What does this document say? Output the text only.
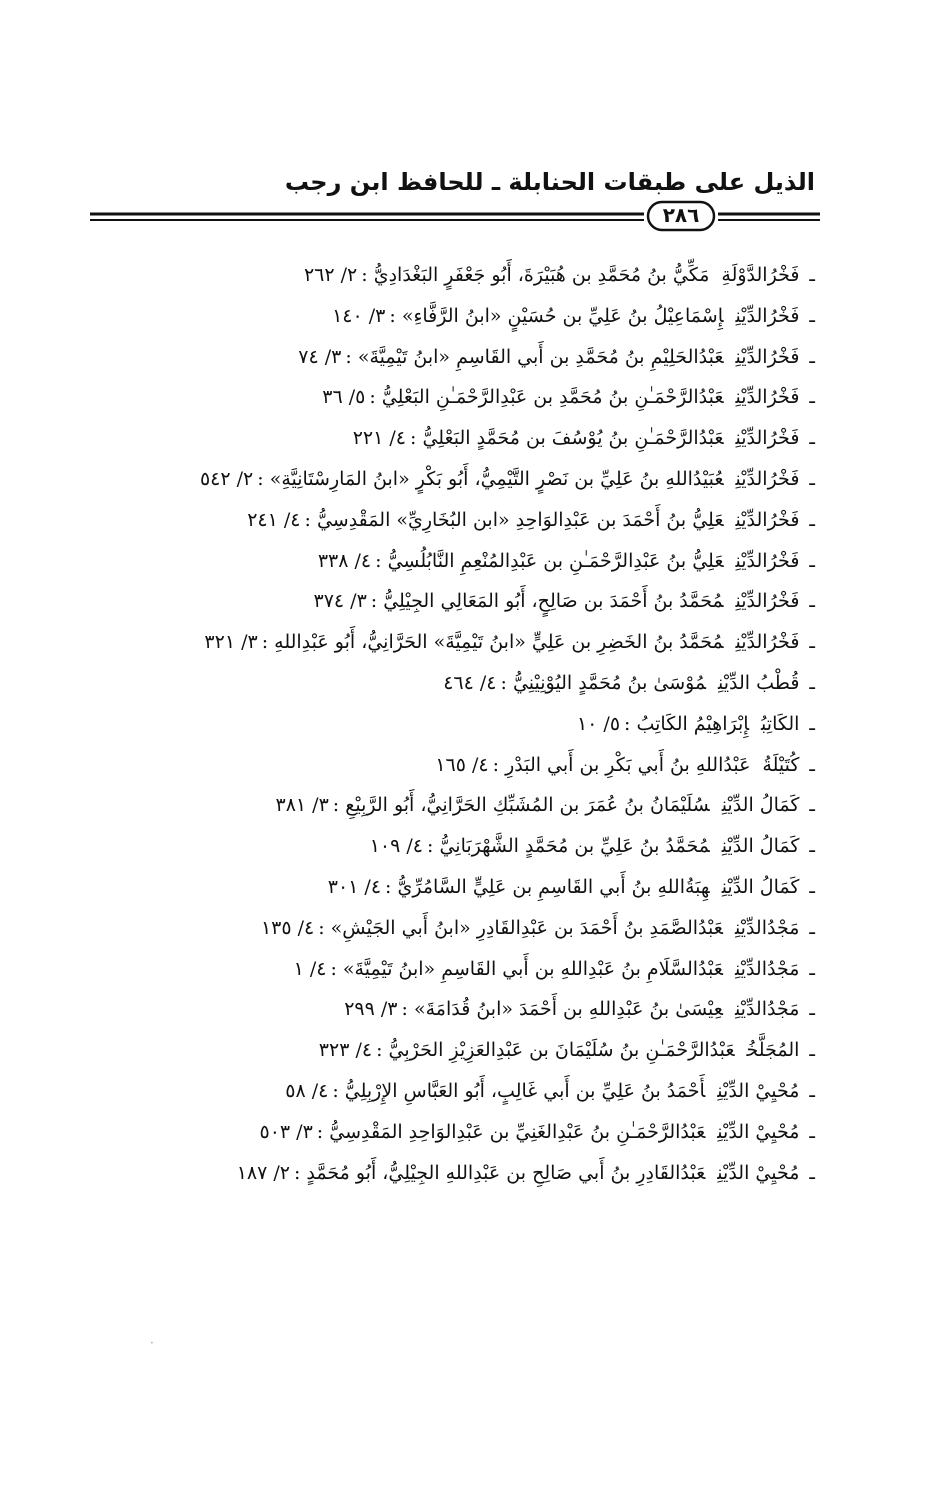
الذيل على طبقات الحنابلة ـ للحافظ ابن رجب
٢٨٦
ـفَخْرُالدَّوْلَةِمَكِّيُّ بنُ مُحَمَّدِ بن هُبَيْرَةَ، أَبُو جَعْفَرٍ البَغْدَادِيُّ :٢/ ٢٦٢
ـفَخْرُالدِّيْنِإِسْمَاعِيْلُ بنُ عَلِيِّ بن حُسَيْنٍ «ابنُ الرَّفَّاءِ» :٣/ ١٤٠
ـفَخْرُالدِّيْنِعَبْدُالحَلِيْمِ بنُ مُحَمَّدِ بن أَبي القَاسِمِ «ابنُ تَيْمِيَّةَ» :٣/ ٧٤
ـفَخْرُالدِّيْنِعَبْدُالرَّحْمَـٰنِ بنُ مُحَمَّدِ بن عَبْدِالرَّحْمَـٰنِ البَعْلِيُّ :٥/ ٣٦
ـفَخْرُالدِّيْنِعَبْدُالرَّحْمَـٰنِ بنُ يُوْسُفَ بن مُحَمَّدٍ البَعْلِيُّ :٤/ ٢٢١
ـفَخْرُالدِّيْنِعُبَيْدُاللهِ بنُ عَلِيِّ بن نَصْرٍ التَّيْمِيُّ، أَبُو بَكْرٍ «ابنُ المَارِسْتَانِيَّةِ» :٢/ ٥٤٢
ـفَخْرُالدِّيْنِعَلِيُّ بنُ أَحْمَدَ بن عَبْدِالوَاحِدِ «ابن البُخَارِيِّ» المَقْدِسِيُّ :٤/ ٢٤١
ـفَخْرُالدِّيْنِعَلِيُّ بنُ عَبْدِالرَّحْمَـٰنِ بن عَبْدِالمُنْعِمِ النَّابُلُسِيُّ :٤/ ٣٣٨
ـفَخْرُالدِّيْنِمُحَمَّدُ بنُ أَحْمَدَ بن صَالِحٍ، أَبُو المَعَالِي الجِيْلِيُّ :٣/ ٣٧٤
ـفَخْرُالدِّيْنِمُحَمَّدُ بنُ الخَضِرِ بن عَلِيٍّ «ابنُ تَيْمِيَّةَ» الحَرَّانِيُّ، أَبُو عَبْدِاللهِ :٣/ ٣٢١
ـقُطْبُ الدِّيْنِمُوْسَىٰ بنُ مُحَمَّدٍ اليُوْنِيْنِيُّ :٤/ ٤٦٤
ـالكَاتِبُإِبْرَاهِيْمُ الكَاتِبُ :٥/ ١٠
ـكُتَيْلَةُعَبْدُاللهِ بنُ أَبي بَكْرِ بن أَبي البَدْرِ :٤/ ١٦٥
ـكَمَالُ الدِّيْنِسُلَيْمَانُ بنُ عُمَرَ بن المُشَبِّكِ الحَرَّانِيُّ، أَبُو الرَّبِيْعِ :٣/ ٣٨١
ـكَمَالُ الدِّيْنِمُحَمَّدُ بنُ عَلِيِّ بن مُحَمَّدٍ الشَّهْرَبَانِيُّ :٤/ ١٠٩
ـكَمَالُ الدِّيْنِهِبَةُاللهِ بنُ أَبي القَاسِمِ بن عَلِيٍّ السَّامُرِّيُّ :٤/ ٣٠١
ـمَجْدُالدِّيْنِعَبْدُالصَّمَدِ بنُ أَحْمَدَ بن عَبْدِالقَادِرِ «ابنُ أَبي الجَيْشِ» :٤/ ١٣٥
ـمَجْدُالدِّيْنِعَبْدُالسَّلَامِ بنُ عَبْدِاللهِ بن أَبي القَاسِمِ «ابنُ تَيْمِيَّةَ» :٤/ ١
ـمَجْدُالدِّيْنِعِيْسَىٰ بنُ عَبْدِاللهِ بن أَحْمَدَ «ابنُ قُدَامَةَ» :٣/ ٢٩٩
ـالمُجَلَّخُعَبْدُالرَّحْمَـٰنِ بنُ سُلَيْمَانَ بن عَبْدِالعَزِيْزِ الحَرْبِيُّ :٤/ ٣٢٣
ـمُحْيِيْ الدِّيْنِأَحْمَدُ بنُ عَلِيِّ بن أَبي غَالِبٍ، أَبُو العَبَّاسِ الإِرْبِلِيُّ :٤/ ٥٨
ـمُحْيِيْ الدِّيْنِعَبْدُالرَّحْمَـٰنِ بنُ عَبْدِالغَنِيِّ بن عَبْدِالوَاحِدِ المَقْدِسِيُّ :٣/ ٥٠٣
ـمُحْيِيْ الدِّيْنِعَبْدُالقَادِرِ بنُ أَبي صَالِحِ بن عَبْدِاللهِ الجِيْلِيُّ، أَبُو مُحَمَّدٍ :٢/ ١٨٧
·
